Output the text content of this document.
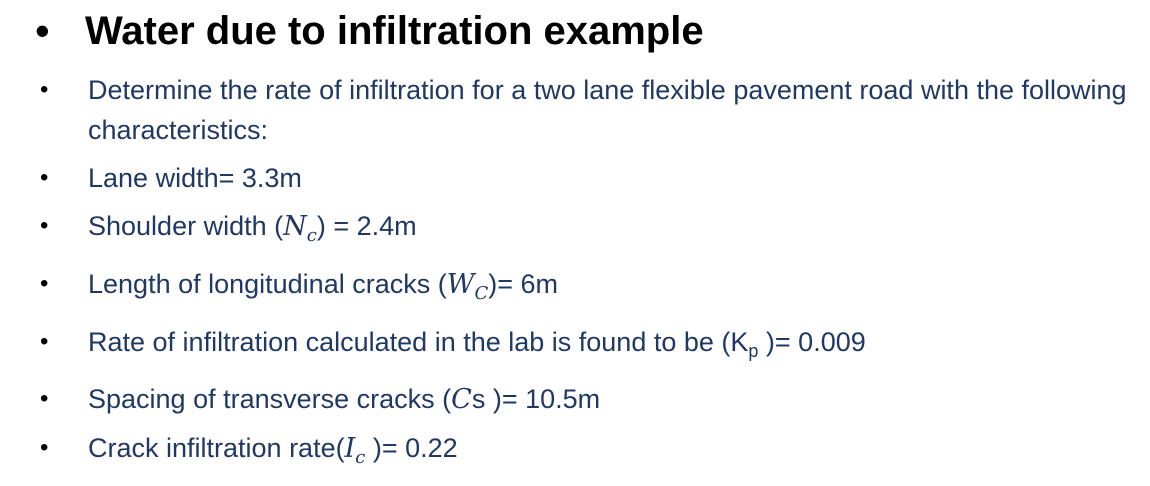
• Water due to infiltration example
• Determine the rate of infiltration for a two lane flexible pavement road with the following characteristics:
• Lane width= 3.3m
• Shoulder width $(N_c) = 2.4m$
• Length of longitudinal cracks $(W_C)= 6m$
• Rate of infiltration calculated in the lab is found to be ($K_p$ )= 0.009
• Spacing of transverse cracks (Cs )= 10.5m
• Crack infiltration $rate(I_c$ )= 0.22
